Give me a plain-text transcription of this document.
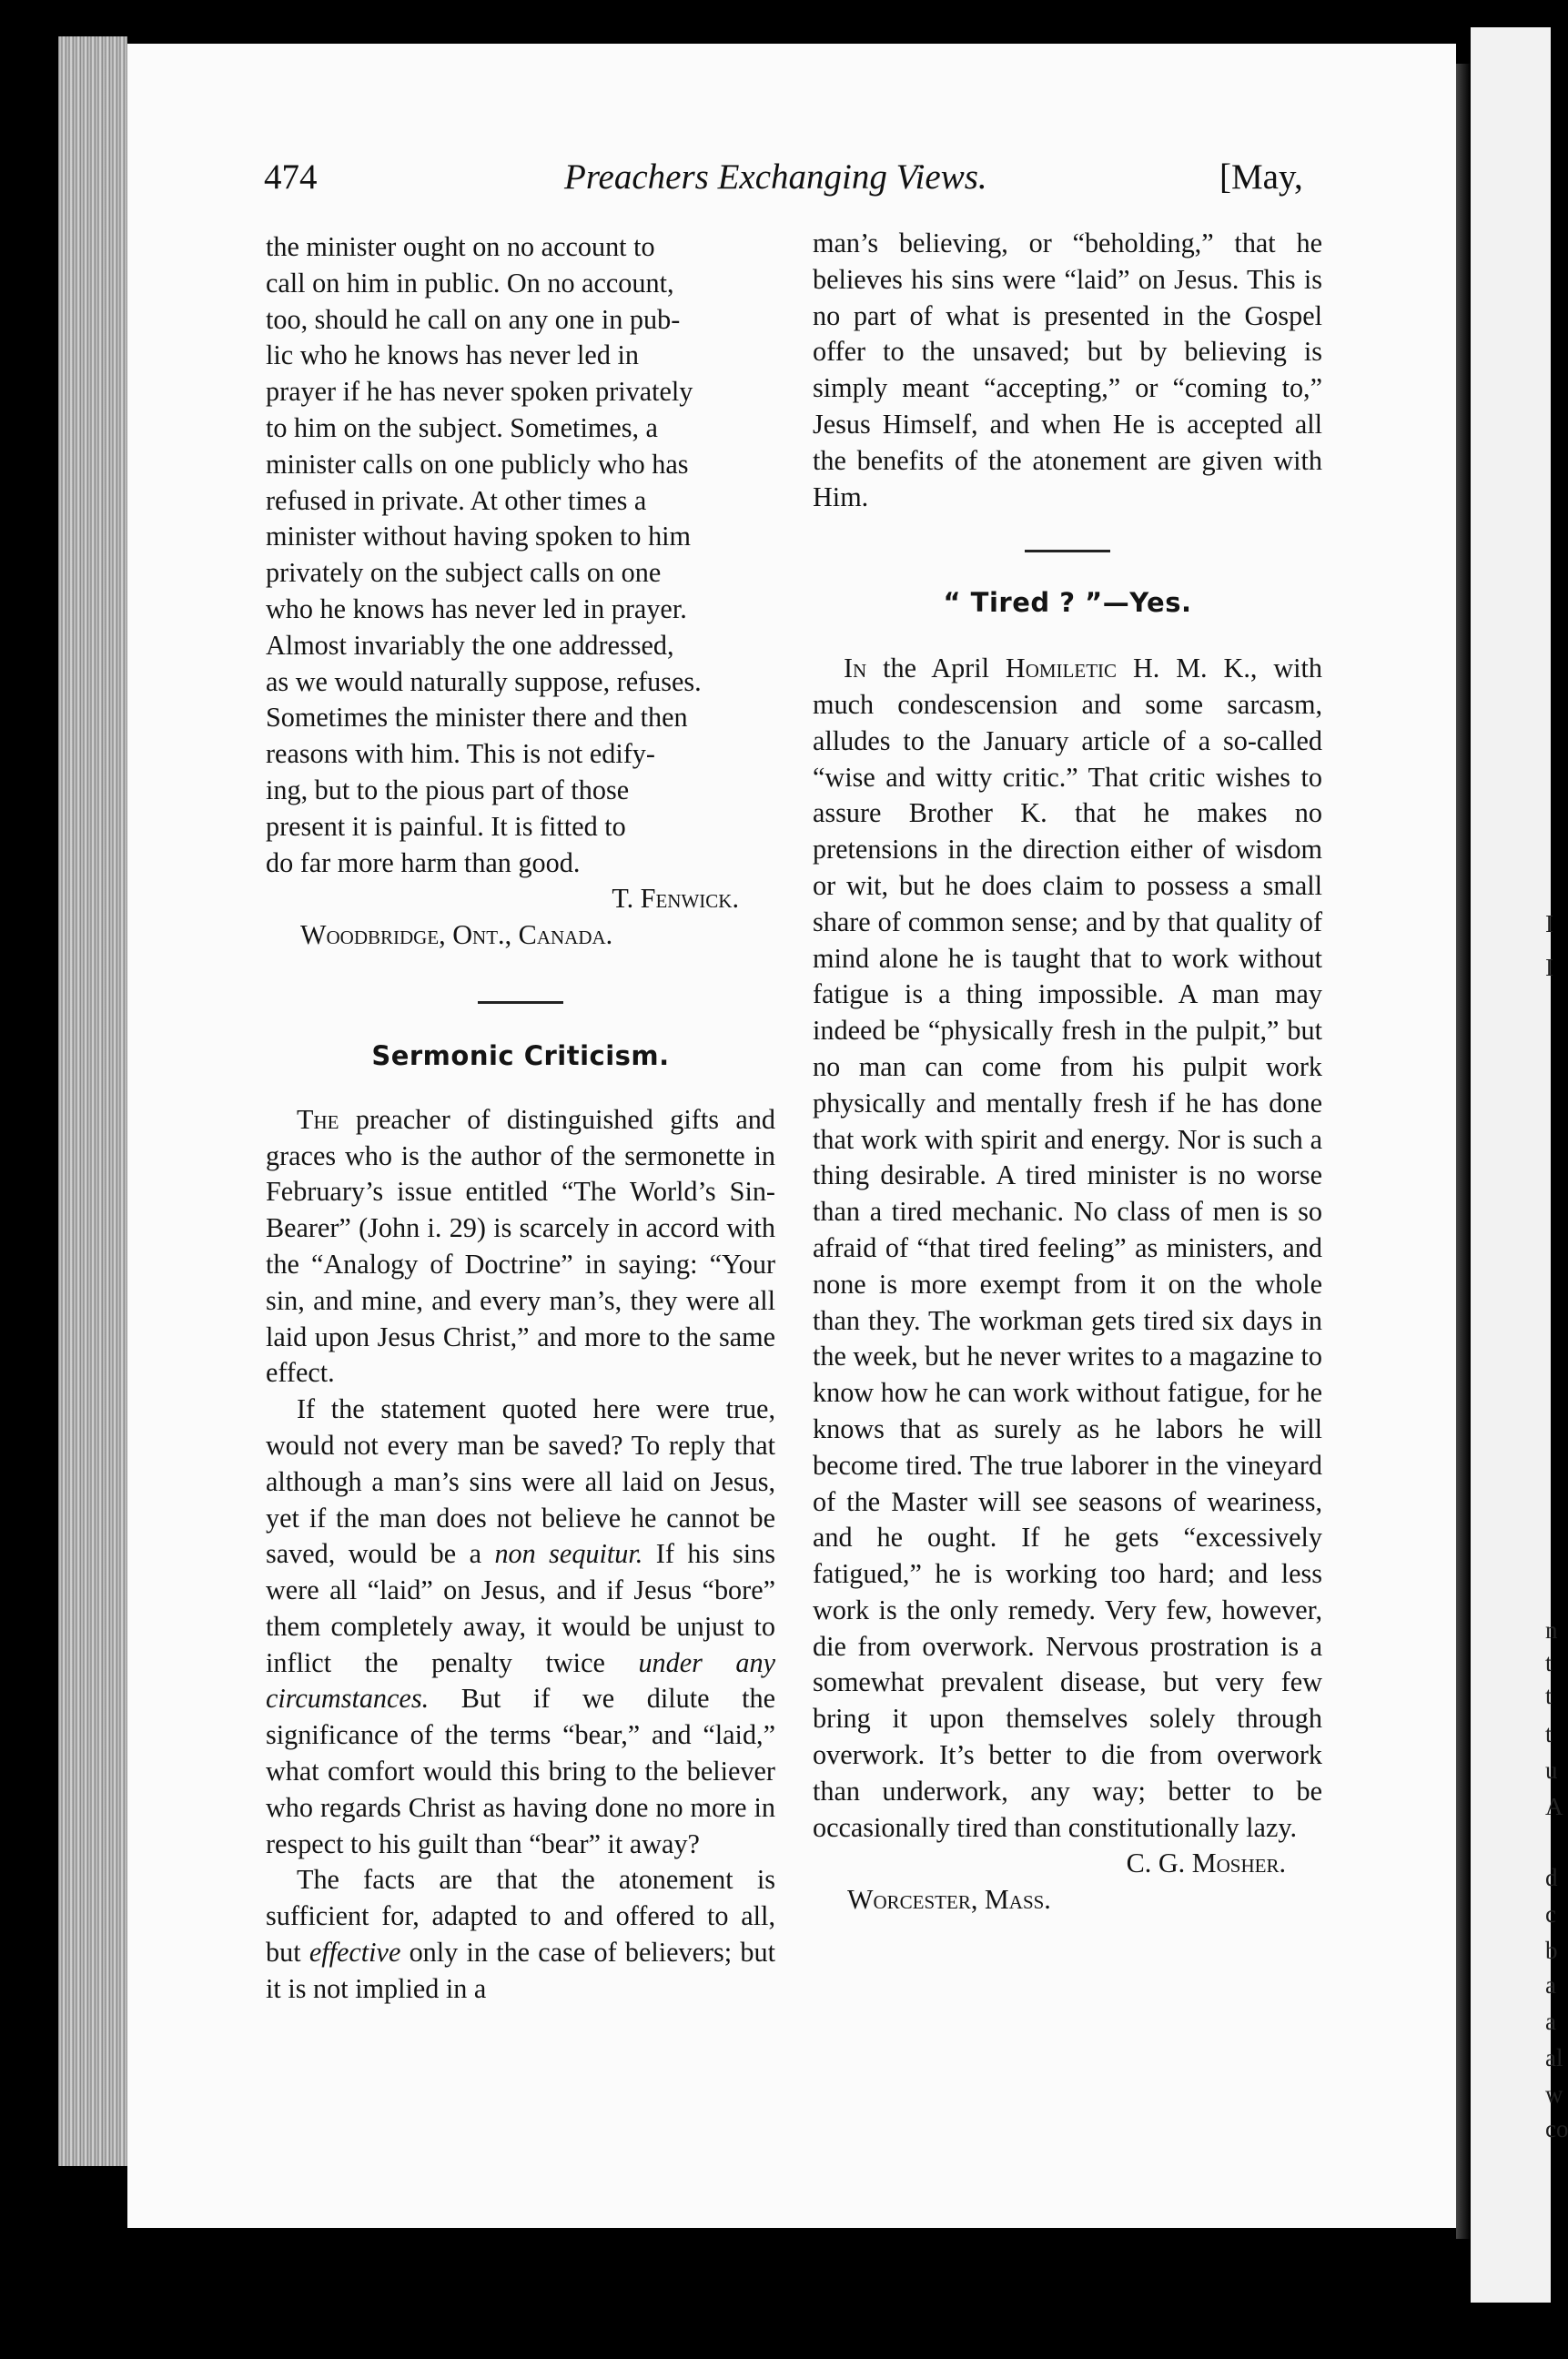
I
I
n
t
t
t
u
A
d
c
b
a
a
al
w
co
474	Preachers Exchanging Views.	[May,
the minister ought on no account to
call on him in public. On no account,
too, should he call on any one in pub-
lic who he knows has never led in
prayer if he has never spoken privately
to him on the subject. Sometimes, a
minister calls on one publicly who has
refused in private. At other times a
minister without having spoken to him
privately on the subject calls on one
who he knows has never led in prayer.
Almost invariably the one addressed,
as we would naturally suppose, refuses.
Sometimes the minister there and then
reasons with him. This is not edify-
ing, but to the pious part of those
present it is painful. It is fitted to
do far more harm than good.
T. Fenwick.
Woodbridge, Ont., Canada.
Sermonic Criticism.

The preacher of distinguished gifts and graces who is the author of the sermonette in February’s issue entitled “The World’s Sin-Bearer” (John i. 29) is scarcely in accord with the “Analogy of Doctrine” in saying: “Your sin, and mine, and every man’s, they were all laid upon Jesus Christ,” and more to the same effect.

If the statement quoted here were true, would not every man be saved? To reply that although a man’s sins were all laid on Jesus, yet if the man does not believe he cannot be saved, would be a non sequitur. If his sins were all “laid” on Jesus, and if Jesus “bore” them completely away, it would be unjust to inflict the penalty twice under any circumstances. But if we dilute the significance of the terms “bear,” and “laid,” what comfort would this bring to the believer who regards Christ as having done no more in respect to his guilt than “bear” it away?

The facts are that the atonement is sufficient for, adapted to and offered to all, but effective only in the case of believers; but it is not implied in a

man’s believing, or “beholding,” that he believes his sins were “laid” on Jesus. This is no part of what is presented in the Gospel offer to the unsaved; but by believing is simply meant “accepting,” or “coming to,” Jesus Himself, and when He is accepted all the benefits of the atonement are given with Him.

“ Tired ? ”—Yes.

In the April Homiletic H. M. K., with much condescension and some sarcasm, alludes to the January article of a so-called “wise and witty critic.” That critic wishes to assure Brother K. that he makes no pretensions in the direction either of wisdom or wit, but he does claim to possess a small share of common sense; and by that quality of mind alone he is taught that to work without fatigue is a thing impossible. A man may indeed be “physically fresh in the pulpit,” but no man can come from his pulpit work physically and mentally fresh if he has done that work with spirit and energy. Nor is such a thing desirable. A tired minister is no worse than a tired mechanic. No class of men is so afraid of “that tired feeling” as ministers, and none is more exempt from it on the whole than they. The workman gets tired six days in the week, but he never writes to a magazine to know how he can work without fatigue, for he knows that as surely as he labors he will become tired. The true laborer in the vineyard of the Master will see seasons of weariness, and he ought. If he gets “excessively fatigued,” he is working too hard; and less work is the only remedy. Very few, however, die from overwork. Nervous prostration is a somewhat prevalent disease, but very few bring it upon themselves solely through overwork. It’s better to die from overwork than underwork, any way; better to be occasionally tired than constitutionally lazy.

C. G. Mosher.
Worcester, Mass.
